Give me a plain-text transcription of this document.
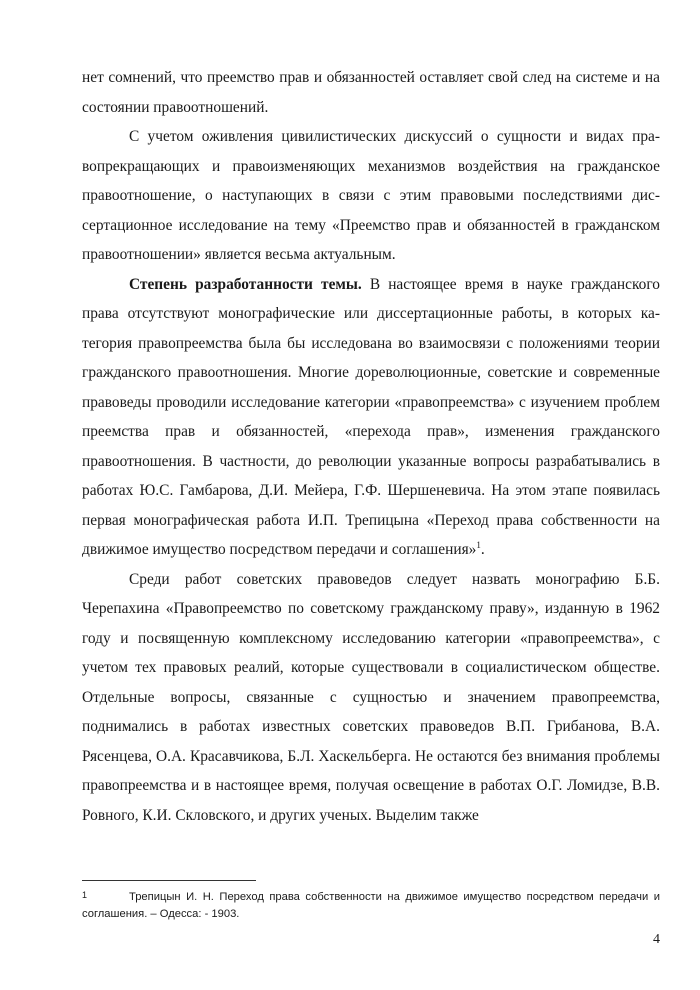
нет сомнений, что преемство прав и обязанностей оставляет свой след на системе и на состоянии правоотношений.

С учетом оживления цивилистических дискуссий о сущности и видах правопрекращающих и правоизменяющих механизмов воздействия на гражданское правоотношение, о наступающих в связи с этим правовыми последствиями диссертационное исследование на тему «Преемство прав и обязанностей в гражданском правоотношении» является весьма актуальным.

Степень разработанности темы. В настоящее время в науке гражданского права отсутствуют монографические или диссертационные работы, в которых категория правопреемства была бы исследована во взаимосвязи с положениями теории гражданского правоотношения. Многие дореволюционные, советские и современные правоведы проводили исследование категории «правопреемства» с изучением проблем преемства прав и обязанностей, «перехода прав», изменения гражданского правоотношения. В частности, до революции указанные вопросы разрабатывались в работах Ю.С. Гамбарова, Д.И. Мейера, Г.Ф. Шершеневича. На этом этапе появилась первая монографическая работа И.П. Трепицына «Переход права собственности на движимое имущество посредством передачи и соглашения»$^1$.

Среди работ советских правоведов следует назвать монографию Б.Б. Черепахина «Правопреемство по советскому гражданскому праву», изданную в 1962 году и посвященную комплексному исследованию категории «правопреемства», с учетом тех правовых реалий, которые существовали в социалистическом обществе. Отдельные вопросы, связанные с сущностью и значением правопреемства, поднимались в работах известных советских правоведов В.П. Грибанова, В.А. Рясенцева, О.А. Красавчикова, Б.Л. Хаскельберга. Не остаются без внимания проблемы правопреемства и в настоящее время, получая освещение в работах О.Г. Ломидзе, В.В. Ровного, К.И. Скловского, и других ученых. Выделим также

1	Трепицын И. Н. Переход права собственности на движимое имущество посредством передачи и соглашения. – Одесса: - 1903.
4
